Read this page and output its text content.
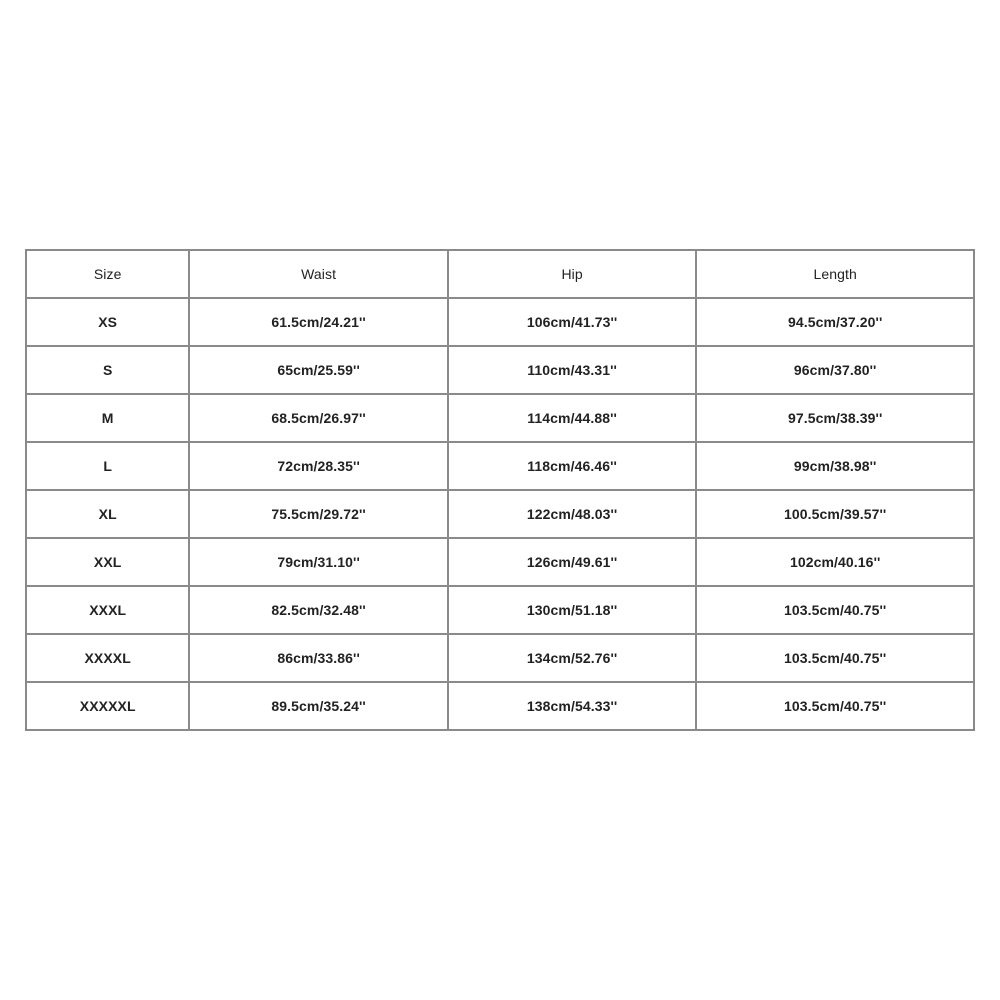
Size	Waist	Hip	Length
XS	61.5cm/24.21''	106cm/41.73''	94.5cm/37.20''
S	65cm/25.59''	110cm/43.31''	96cm/37.80''
M	68.5cm/26.97''	114cm/44.88''	97.5cm/38.39''
L	72cm/28.35''	118cm/46.46''	99cm/38.98''
XL	75.5cm/29.72''	122cm/48.03''	100.5cm/39.57''
XXL	79cm/31.10''	126cm/49.61''	102cm/40.16''
XXXL	82.5cm/32.48''	130cm/51.18''	103.5cm/40.75''
XXXXL	86cm/33.86''	134cm/52.76''	103.5cm/40.75''
XXXXXL	89.5cm/35.24''	138cm/54.33''	103.5cm/40.75''
